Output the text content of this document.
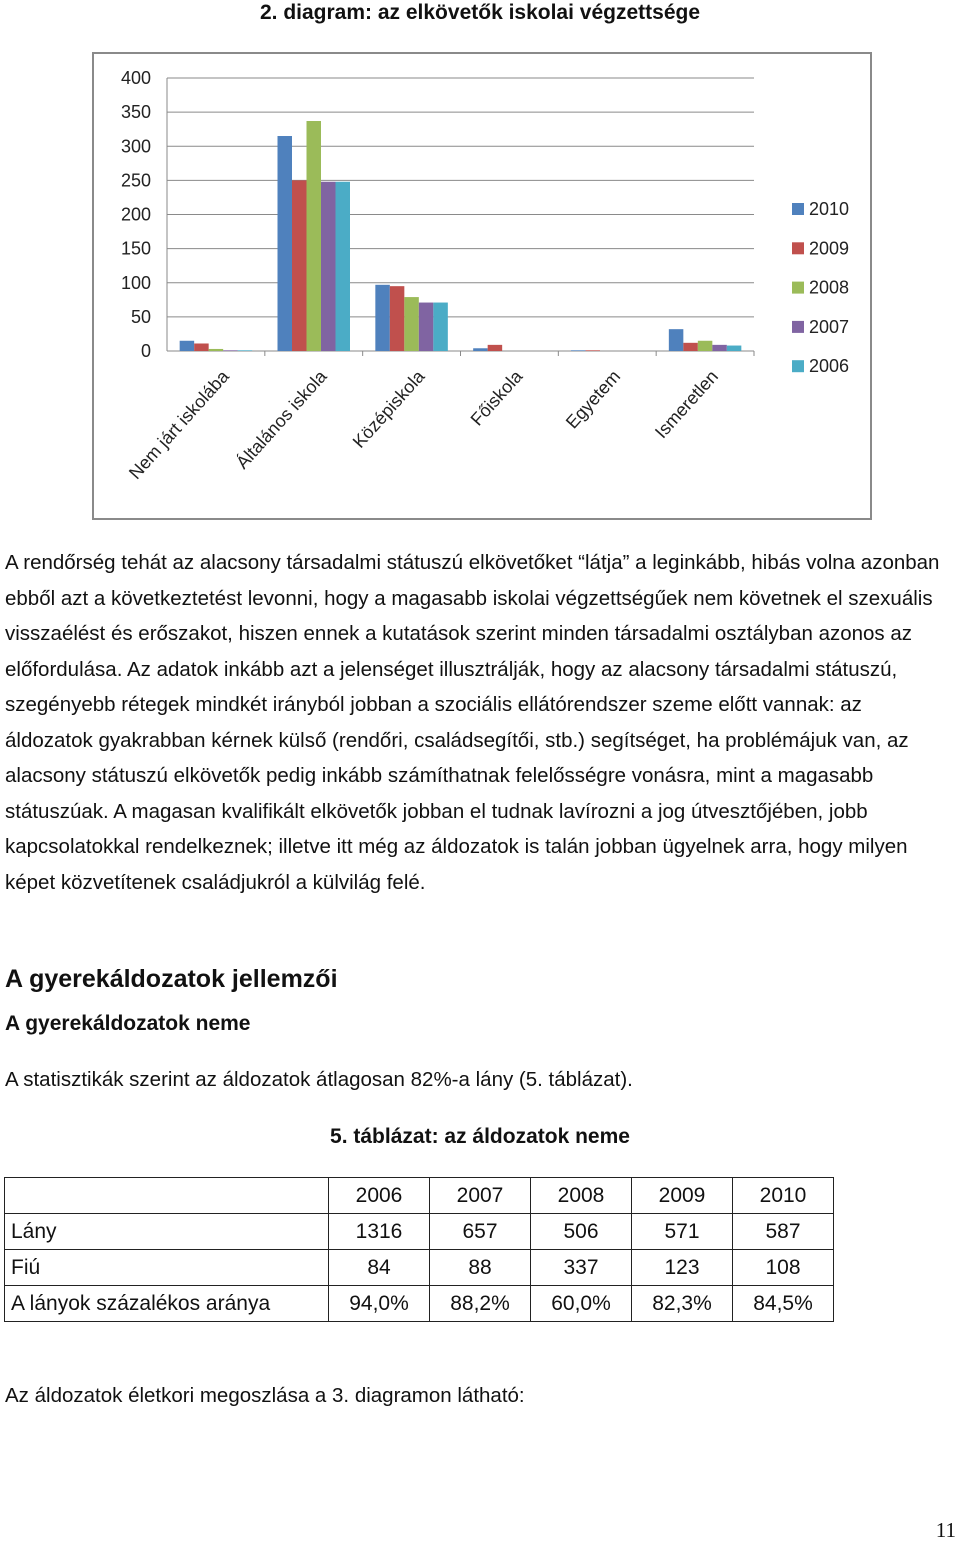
2. diagram: az elkövetők iskolai végzettsége
0
50
100
150
200
250
300
350
400
Nem járt iskolába Általános iskola Középiskola Főiskola Egyetem Ismeretlen
2010
2009
2008
2007
2006

A rendőrség tehát az alacsony társadalmi státuszú elkövetőket “látja” a leginkább, hibás volna azonban ebből azt a következtetést levonni, hogy a magasabb iskolai végzettségűek nem követnek el szexuális visszaélést és erőszakot, hiszen ennek a kutatások szerint minden társadalmi osztályban azonos az előfordulása. Az adatok inkább azt a jelenséget illusztrálják, hogy az alacsony társadalmi státuszú, szegényebb rétegek mindkét irányból jobban a szociális ellátórendszer szeme előtt vannak: az áldozatok gyakrabban kérnek külső (rendőri, családsegítői, stb.) segítséget, ha problémájuk van, az alacsony státuszú elkövetők pedig inkább számíthatnak felelősségre vonásra, mint a magasabb státuszúak. A magasan kvalifikált elkövetők jobban el tudnak lavírozni a jog útvesztőjében, jobb kapcsolatokkal rendelkeznek; illetve itt még az áldozatok is talán jobban ügyelnek arra, hogy milyen képet közvetítenek családjukról a külvilág felé.

A gyerekáldozatok jellemzői
A gyerekáldozatok neme

A statisztikák szerint az áldozatok átlagosan 82%-a lány (5. táblázat).

5. táblázat: az áldozatok neme
	2006	2007	2008	2009	2010
Lány	1316	657	506	571	587
Fiú	84	88	337	123	108
A lányok százalékos aránya	94,0%	88,2%	60,0%	82,3%	84,5%

Az áldozatok életkori megoszlása a 3. diagramon látható:

11
